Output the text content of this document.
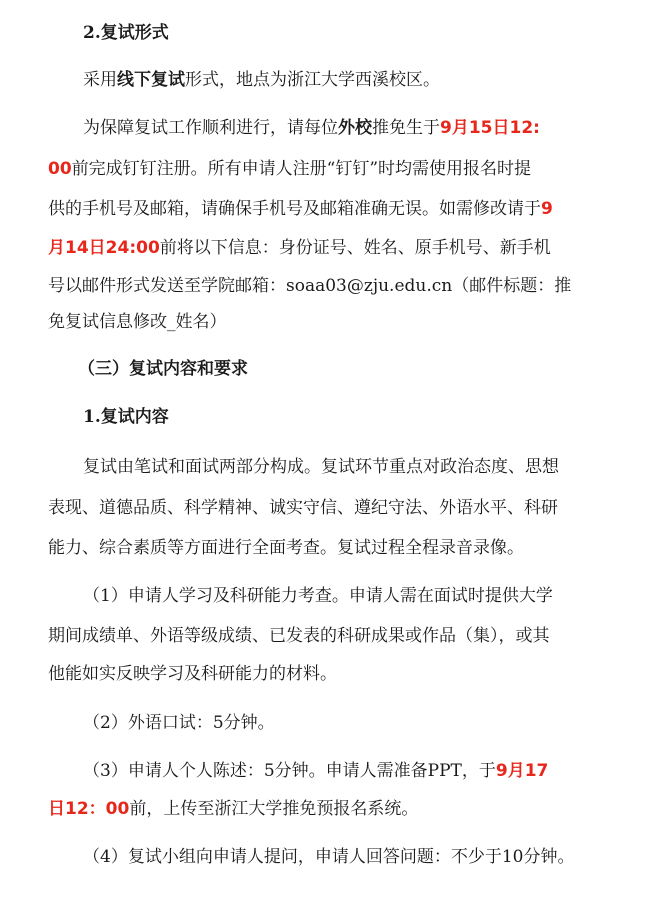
2.复试形式
采用线下复试形式，地点为浙江大学西溪校区。
为保障复试工作顺利进行，请每位外校推免生于9月15日12:
00前完成钉钉注册。所有申请人注册“钉钉”时均需使用报名时提
供的手机号及邮箱，请确保手机号及邮箱准确无误。如需修改请于9
月14日24:00前将以下信息：身份证号、姓名、原手机号、新手机
号以邮件形式发送至学院邮箱：soaa03@zju.edu.cn（邮件标题：推
免复试信息修改_姓名）
（三）复试内容和要求
1.复试内容
复试由笔试和面试两部分构成。复试环节重点对政治态度、思想
表现、道德品质、科学精神、诚实守信、遵纪守法、外语水平、科研
能力、综合素质等方面进行全面考查。复试过程全程录音录像。
（1）申请人学习及科研能力考查。申请人需在面试时提供大学
期间成绩单、外语等级成绩、已发表的科研成果或作品（集），或其
他能如实反映学习及科研能力的材料。
（2）外语口试：5分钟。
（3）申请人个人陈述：5分钟。申请人需准备PPT，于9月17
日12：00前，上传至浙江大学推免预报名系统。
（4）复试小组向申请人提问，申请人回答问题：不少于10分钟。
